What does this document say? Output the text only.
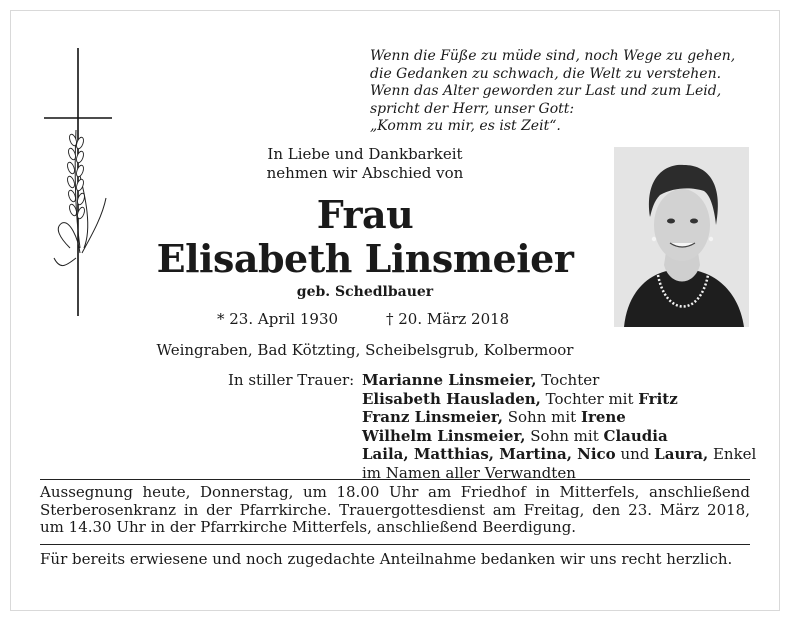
Wenn die Füße zu müde sind, noch Wege zu gehen,
die Gedanken zu schwach, die Welt zu verstehen.
Wenn das Alter geworden zur Last und zum Leid,
spricht der Herr, unser Gott:
„Komm zu mir, es ist Zeit“.
In Liebe und Dankbarkeit
nehmen wir Abschied von
Frau
Elisabeth Linsmeier
geb. Schedlbauer
* 23. April 1930	† 20. März 2018
Weingraben, Bad Kötzting, Scheibelsgrub, Kolbermoor
In stiller Trauer: Marianne Linsmeier, Tochter
Elisabeth Hausladen, Tochter mit Fritz
Franz Linsmeier, Sohn mit Irene
Wilhelm Linsmeier, Sohn mit Claudia
Laila, Matthias, Martina, Nico und Laura, Enkel
im Namen aller Verwandten
Aussegnung heute, Donnerstag, um 18.00 Uhr am Friedhof in Mitterfels, anschließend
Sterberosenkranz in der Pfarrkirche. Trauergottesdienst am Freitag, den 23. März 2018,
um 14.30 Uhr in der Pfarrkirche Mitterfels, anschließend Beerdigung.
Für bereits erwiesene und noch zugedachte Anteilnahme bedanken wir uns recht herzlich.
